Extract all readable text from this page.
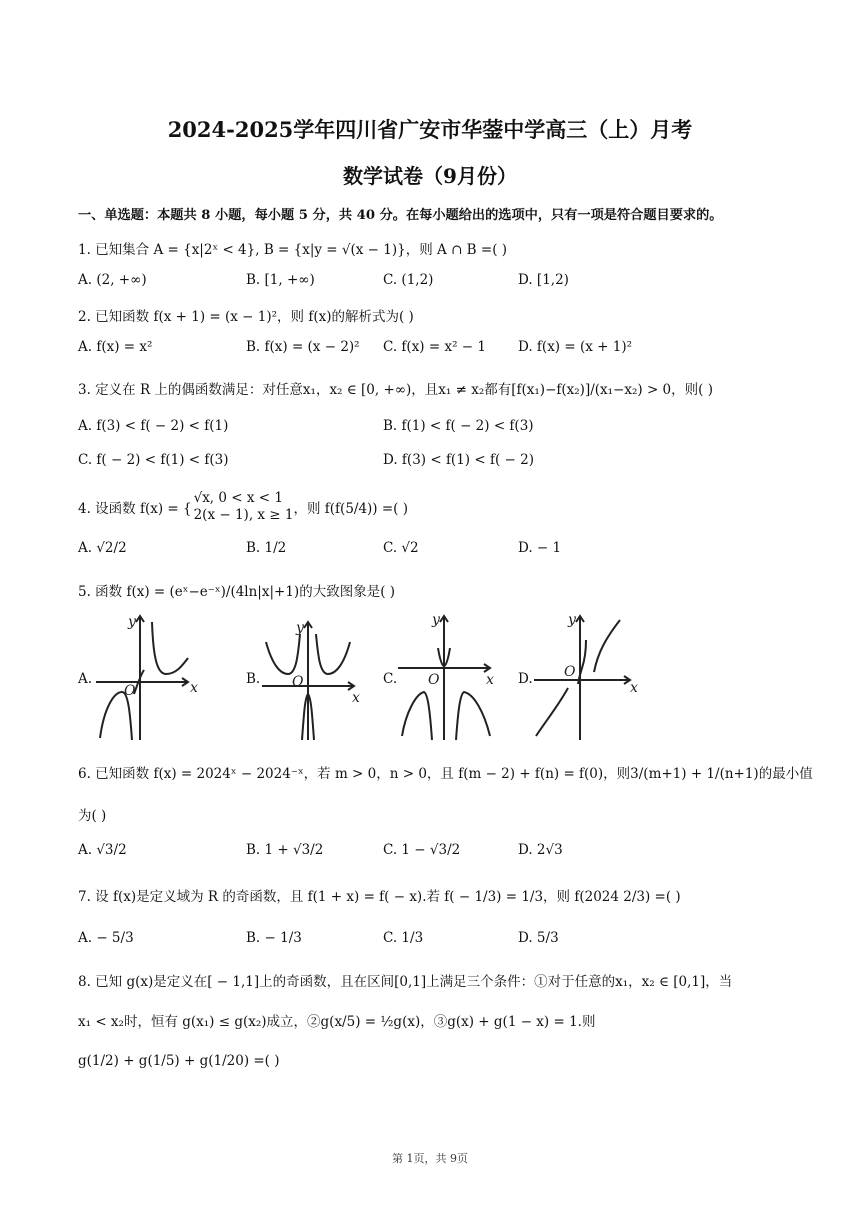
2024-2025学年四川省广安市华蓥中学高三（上）月考
数学试卷（9月份）
一、单选题：本题共 8 小题，每小题 5 分，共 40 分。在每小题给出的选项中，只有一项是符合题目要求的。
1. 已知集合 A = {x|2ˣ < 4}, B = {x|y = √(x − 1)}，则 A ∩ B =( )
A. (2, +∞)	B. [1, +∞)	C. (1,2)	D. [1,2)
2. 已知函数 f(x + 1) = (x − 1)²，则 f(x)的解析式为( )
A. f(x) = x²	B. f(x) = (x − 2)² C. f(x) = x² − 1 D. f(x) = (x + 1)²
3. 定义在 R 上的偶函数满足：对任意x₁，x₂ ∈ [0, +∞)，且x₁ ≠ x₂都有[f(x₁)−f(x₂)]/(x₁−x₂) > 0，则( )
A. f(3) < f( − 2) < f(1)	B. f(1) < f( − 2) < f(3)
C. f( − 2) < f(1) < f(3)	D. f(3) < f(1) < f( − 2)
4. 设函数 f(x) = {
√x, 0 < x < 1
2(x − 1), x ≥ 1 ，则 f(f(5/4)) =( )
A. √2/2	B. 1/2	C. √2	D. − 1
5. 函数 f(x) = (eˣ−e⁻ˣ)/(4ln|x|+1)的大致图象是( )
A.
x
y
O
B.
x
y
O	C.	x
y
O	D.
x
y
O
6. 已知函数 f(x) = 2024ˣ − 2024⁻ˣ，若 m > 0，n > 0，且 f(m − 2) + f(n) = f(0)，则3/(m+1) + 1/(n+1)的最小值
为( )
A. √3/2	B. 1 + √3/2	C. 1 − √3/2	D. 2√3
7. 设 f(x)是定义域为 R 的奇函数，且 f(1 + x) = f( − x).若 f( − 1/3) = 1/3，则 f(2024 2/3) =( )
A. − 5/3	B. − 1/3	C. 1/3	D. 5/3
8. 已知 g(x)是定义在[ − 1,1]上的奇函数，且在区间[0,1]上满足三个条件：①对于任意的x₁，x₂ ∈ [0,1]，当
x₁ < x₂时，恒有 g(x₁) ≤ g(x₂)成立，②g(x/5) = ½g(x)，③g(x) + g(1 − x) = 1.则
g(1/2) + g(1/5) + g(1/20) =( )
第 1页，共 9页
